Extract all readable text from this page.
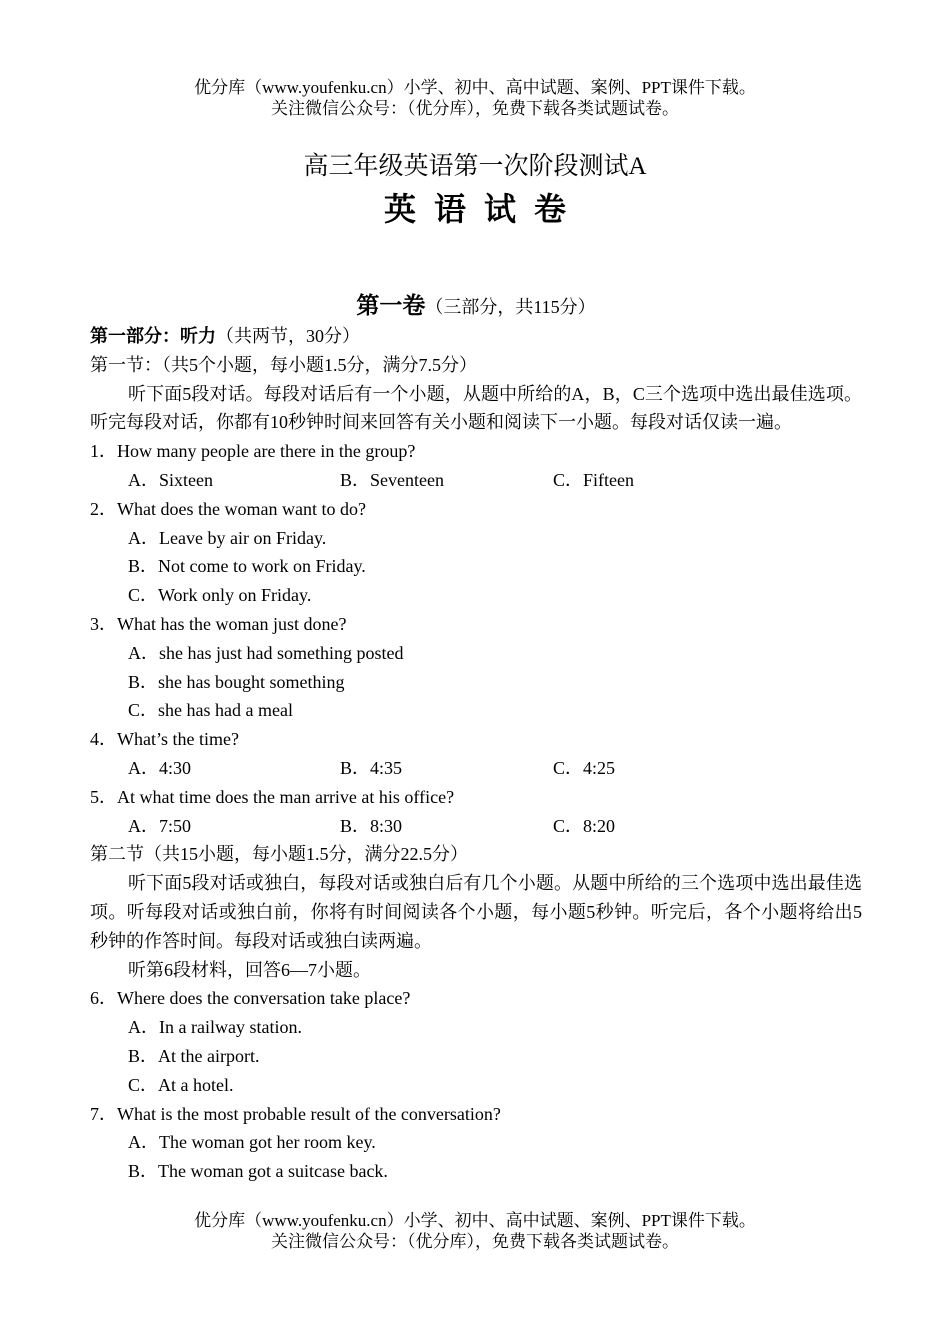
优分库（www.youfenku.cn）小学、初中、高中试题、案例、PPT课件下载。
关注微信公众号：（优分库），免费下载各类试题试卷。
高三年级英语第一次阶段测试A
英语试卷
第一卷（三部分，共115分）
第一部分：听力（共两节，30分）
第一节：（共5个小题，每小题1.5分，满分7.5分）
听下面5段对话。每段对话后有一个小题，从题中所给的A，B，C三个选项中选出最佳选项。听完每段对话，你都有10秒钟时间来回答有关小题和阅读下一小题。每段对话仅读一遍。
1．How many people are there in the group?
A．Sixteen	B．Seventeen	C．Fifteen
2．What does the woman want to do?
A．Leave by air on Friday.
B．Not come to work on Friday.
C．Work only on Friday.
3．What has the woman just done?
A．she has just had something posted
B．she has bought something
C．she has had a meal
4．What’s the time?
A．4:30	B．4:35	C．4:25
5．At what time does the man arrive at his office?
A．7:50	B．8:30	C．8:20
第二节（共15小题，每小题1.5分，满分22.5分）
听下面5段对话或独白，每段对话或独白后有几个小题。从题中所给的三个选项中选出最佳选项。听每段对话或独白前，你将有时间阅读各个小题，每小题5秒钟。听完后，各个小题将给出5秒钟的作答时间。每段对话或独白读两遍。
听第6段材料，回答6—7小题。
6．Where does the conversation take place?
A．In a railway station.
B．At the airport.
C．At a hotel.
7．What is the most probable result of the conversation?
A．The woman got her room key.
B．The woman got a suitcase back.
优分库（www.youfenku.cn）小学、初中、高中试题、案例、PPT课件下载。
关注微信公众号：（优分库），免费下载各类试题试卷。
